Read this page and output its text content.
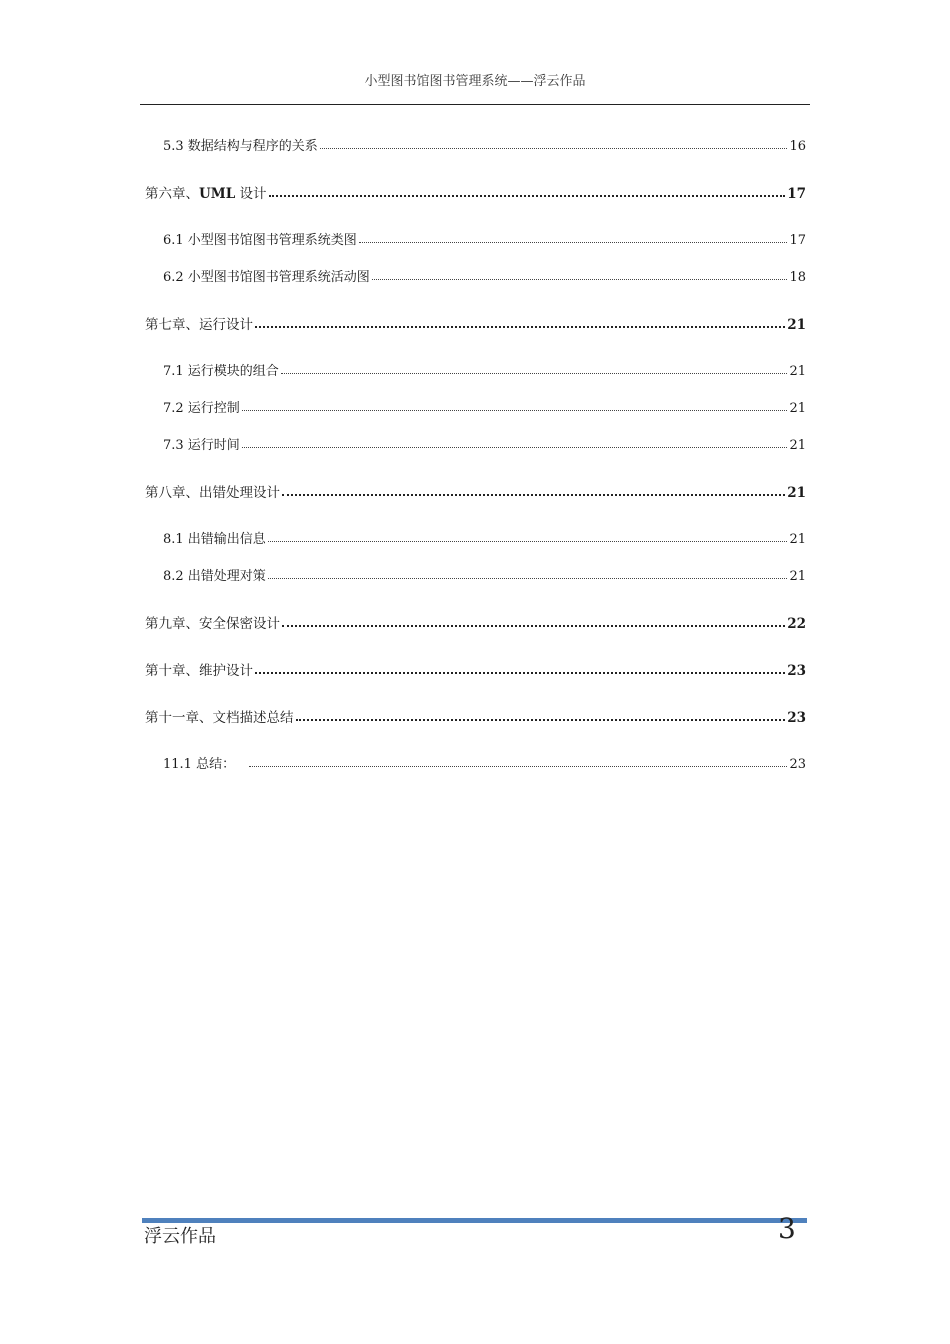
小型图书馆图书管理系统——浮云作品
5.3 数据结构与程序的关系	16
第六章、UML 设计	17
6.1 小型图书馆图书管理系统类图	17
6.2 小型图书馆图书管理系统活动图	18
第七章、运行设计	21
7.1 运行模块的组合	21
7.2 运行控制	21
7.3 运行时间	21
第八章、出错处理设计	21
8.1 出错输出信息	21
8.2 出错处理对策	21
第九章、安全保密设计	22
第十章、维护设计	23
第十一章、文档描述总结	23
11.1 总结：	23
浮云作品	3
